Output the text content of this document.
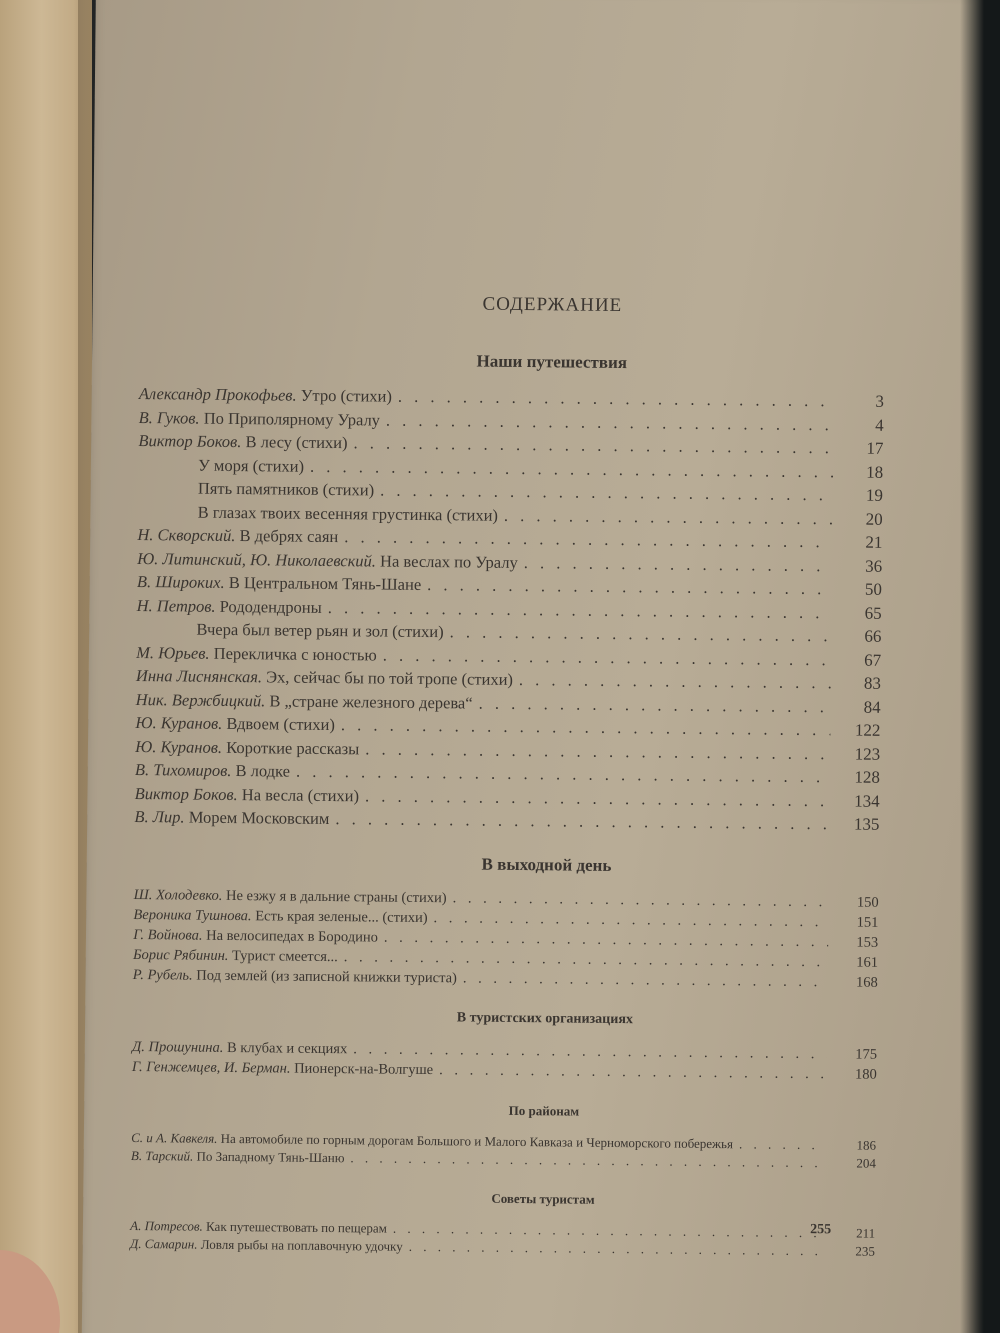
СОДЕРЖАНИЕ
Наши путешествия
Александр Прокофьев.
Утро (стихи) . . .	3
В. Гуков.
По Приполярному Уралу . . .	4
Виктор Боков.
В лесу (стихи) . . .	17
У моря (стихи) . . .	18
Пять памятников (стихи) . . .	19
В глазах твоих весенняя грустинка (стихи) . . .	20
Н. Скворский.
В дебрях саян . . .	21
Ю. Литинский, Ю. Николаевский.
На веслах по Уралу . . .	36
В. Широких.
В Центральном Тянь-Шане . . .	50
Н. Петров.
Рододендроны . . .	65
Вчера был ветер рьян и зол (стихи) . . .	66
М. Юрьев.
Перекличка с юностью . . .	67
Инна Лиснянская.
Эх, сейчас бы по той тропе (стихи) . . .	83
Ник. Вержбицкий.
В „стране железного дерева“ . . .	84
Ю. Куранов.
Вдвоем (стихи) . . .	122
Ю. Куранов.
Короткие рассказы . . .	123
В. Тихомиров.
В лодке . . .	128
Виктор Боков.
На весла (стихи) . . .	134
В. Лир.
Морем Московским . . .	135
В выходной день
Ш. Холодевко.
Не езжу я в дальние страны (стихи) . . .	150
Вероника Тушнова.
Есть края зеленые... (стихи) . . .	151
Г. Войнова.
На велосипедах в Бородино . . .	153
Борис Рябинин.
Турист смеется... . . .	161
Р. Рубель.
Под землей (из записной книжки туриста) . . .	168
В туристских организациях
Д. Прошунина.
В клубах и секциях . . .	175
Г. Генжемцев, И. Берман.
Пионерск-на-Волгуше . . .	180
По районам
С. и А. Кавкеля.
На автомобиле по горным дорогам Большого и Малого Кавказа и Черноморского побережья . . .	186
В. Тарский.
По Западному Тянь-Шаню . . .	204
Советы туристам
А. Потресов.
Как путешествовать по пещерам . . .	211
Д. Самарин.
Ловля рыбы на поплавочную удочку . . .	235
255
